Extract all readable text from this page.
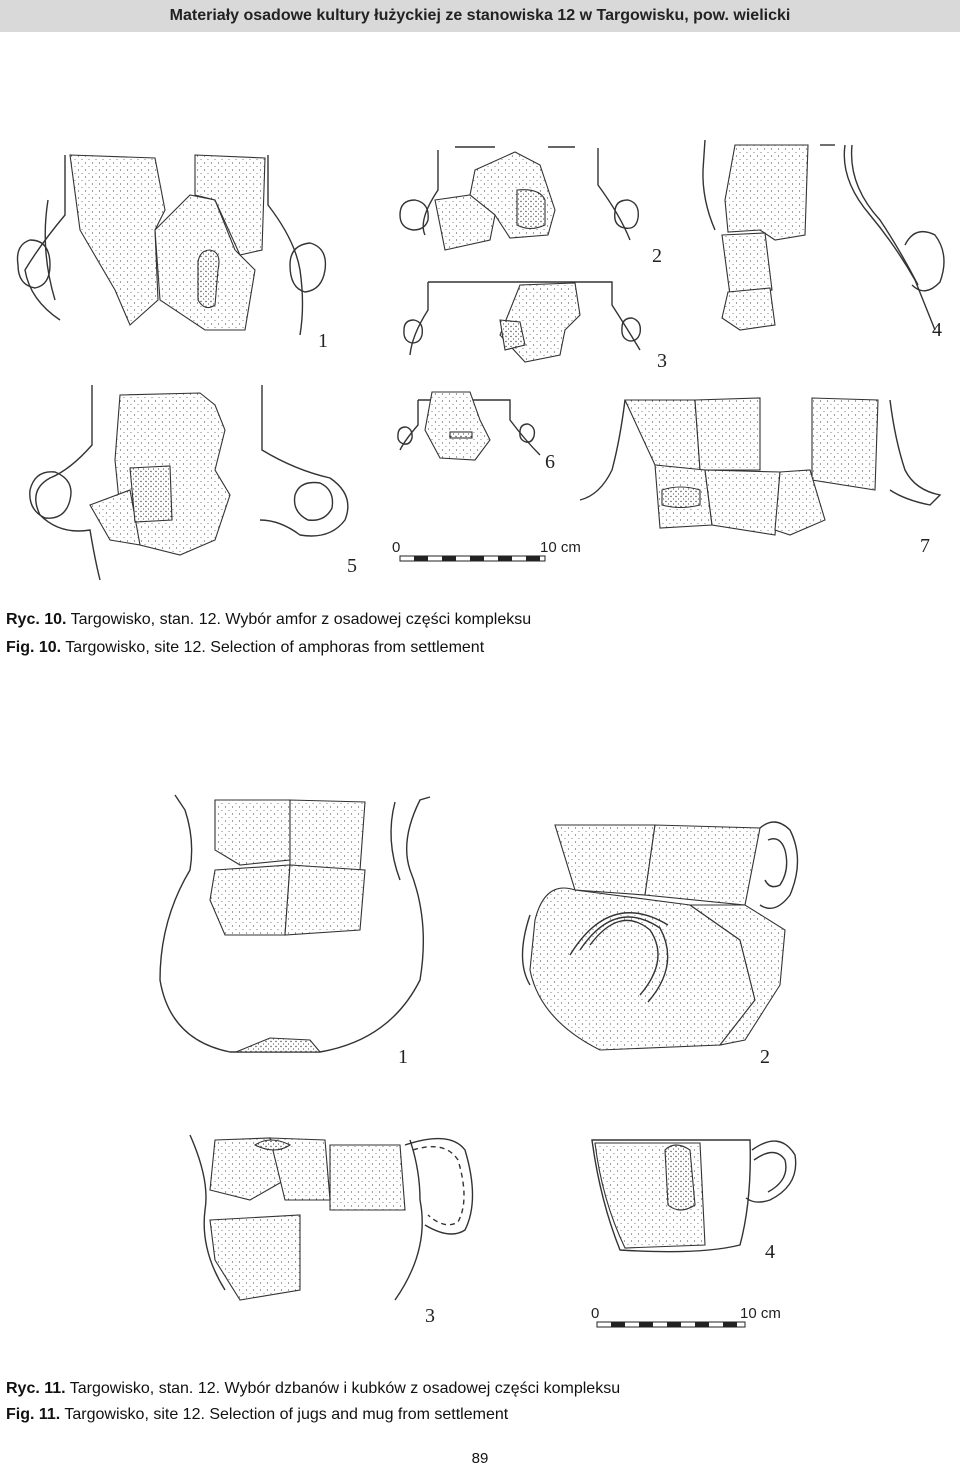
Materiały osadowe kultury łużyckiej ze stanowiska 12 w Targowisku, pow. wielicki
1
2
3
4
5
6
7
0	10 cm
Ryc. 10. Targowisko, stan. 12. Wybór amfor z osadowej części kompleksu
Fig. 10. Targowisko, site 12. Selection of amphoras from settlement
1	2
3
4
0	10 cm
Ryc. 11. Targowisko, stan. 12. Wybór dzbanów i kubków z osadowej części kompleksu
Fig. 11. Targowisko, site 12. Selection of jugs and mug from settlement
89
